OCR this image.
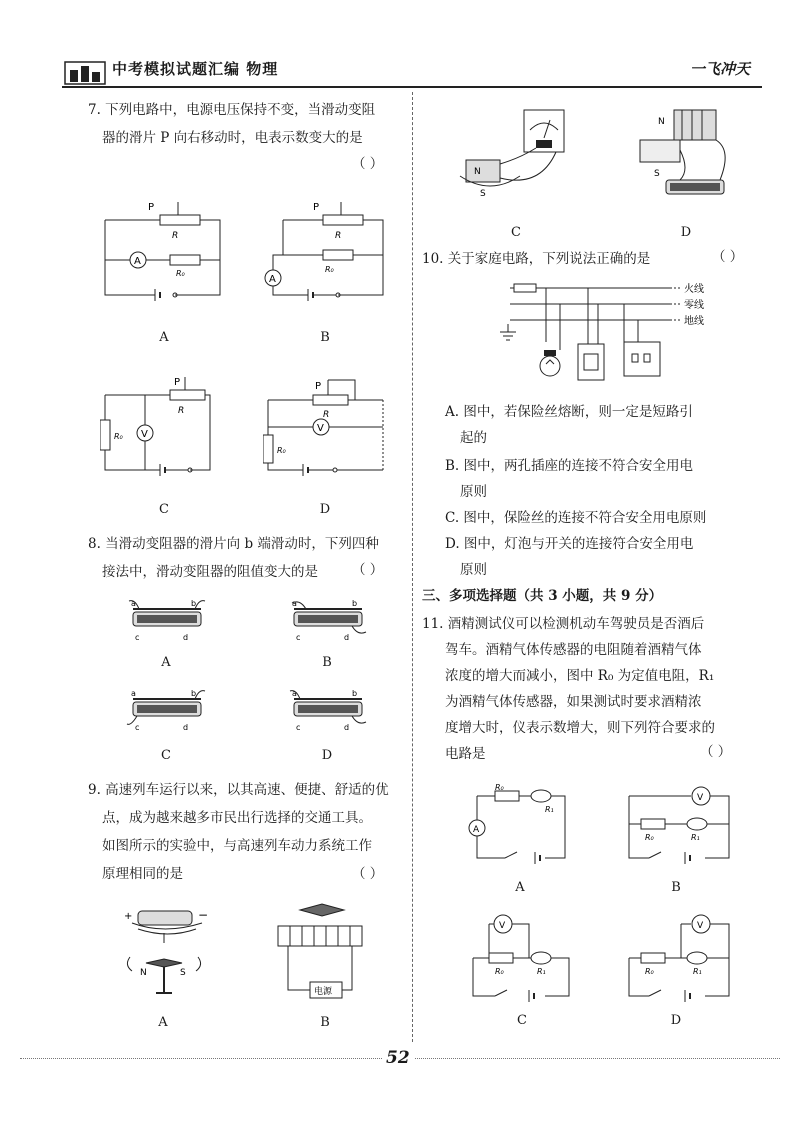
中考模拟试题汇编 物理	一飞冲天
7. 下列电路中，电源电压保持不变，当滑动变阻
器的滑片 P 向右移动时，电表示数变大的是
（ ）
P
R
A
R₀
A
P
R
R₀
A
B
P
R
R₀ V
C
P
R
V
R₀
D
8. 当滑动变阻器的滑片向 b 端滑动时，下列四种
接法中，滑动变阻器的阻值变大的是	（ ）
a	b
c	d
A
a	b
c	d
B
a	b
c	d
C
a	b
c	d
D
9. 高速列车运行以来，以其高速、便捷、舒适的优
点，成为越来越多市民出行选择的交通工具。
如图所示的实验中，与高速列车动力系统工作
原理相同的是	（ ）
+	−
N	S
A
电源
B
N
S
C
N
S
D
10. 关于家庭电路，下列说法正确的是	（ ）
火线
零线
地线
A. 图中，若保险丝熔断，则一定是短路引
起的
B. 图中，两孔插座的连接不符合安全用电
原则
C. 图中，保险丝的连接不符合安全用电原则
D. 图中，灯泡与开关的连接符合安全用电
原则
三、多项选择题（共 3 小题，共 9 分）
11. 酒精测试仪可以检测机动车驾驶员是否酒后
驾车。酒精气体传感器的电阻随着酒精气体
浓度的增大而减小，图中 R₀ 为定值电阻，R₁
为酒精气体传感器，如果测试时要求酒精浓
度增大时，仪表示数增大，则下列符合要求的
电路是	（ ）
R₀
R₁
A
A
V
R₀	R₁
B
V
R₀	R₁
C
V
R₀	R₁
D
52
